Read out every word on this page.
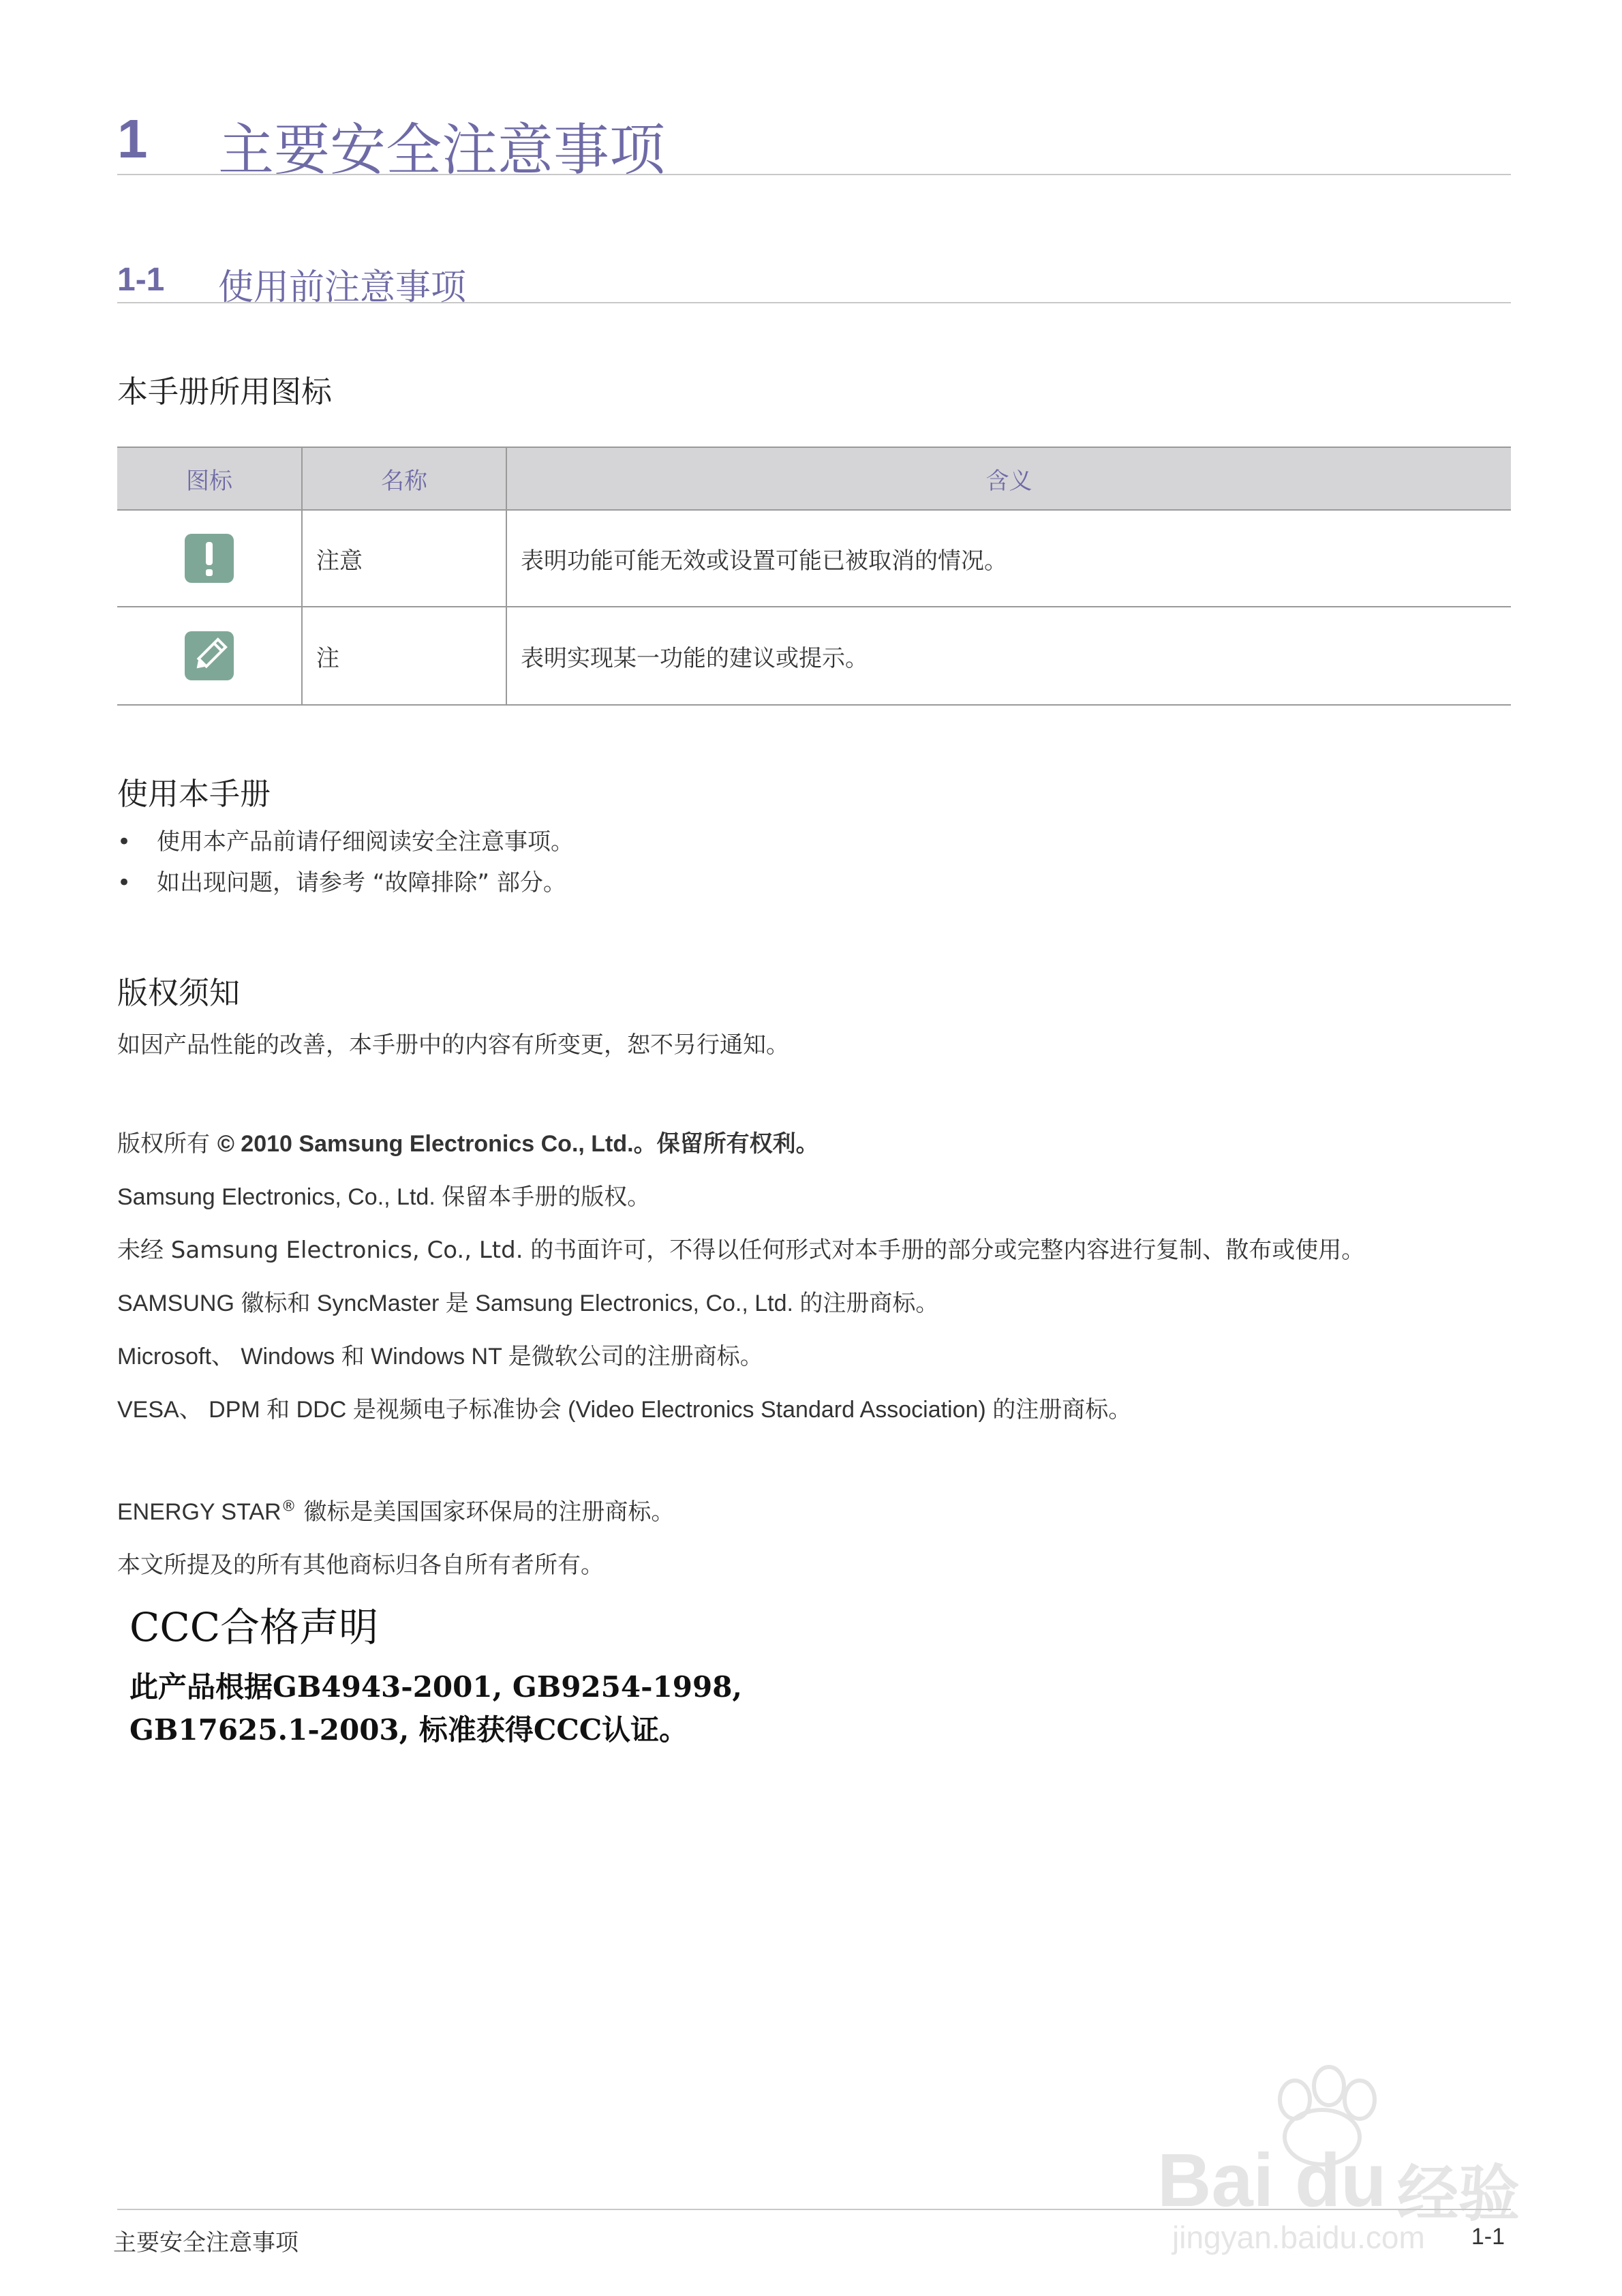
1 主要安全注意事项
1-1 使用前注意事项
本手册所用图标
图标	名称	含义

	注意	表明功能可能无效或设置可能已被取消的情况。

	注	表明实现某一功能的建议或提示。
使用本手册
• 使用本产品前请仔细阅读安全注意事项。
• 如出现问题，请参考 “故障排除” 部分。
版权须知
如因产品性能的改善，本手册中的内容有所变更，恕不另行通知。
版权所有 © 2010 Samsung Electronics Co., Ltd.。保留所有权利。
Samsung Electronics, Co., Ltd. 保留本手册的版权。
未经 Samsung Electronics, Co., Ltd. 的书面许可，不得以任何形式对本手册的部分或完整内容进行复制、散布或使用。
SAMSUNG 徽标和 SyncMaster 是 Samsung Electronics, Co., Ltd. 的注册商标。
Microsoft、 Windows 和 Windows NT 是微软公司的注册商标。
VESA、 DPM 和 DDC 是视频电子标准协会 (Video Electronics Standard Association) 的注册商标。
ENERGY STAR® 徽标是美国国家环保局的注册商标。
本文所提及的所有其他商标归各自所有者所有。
CCC合格声明
此产品根据GB4943-2001, GB9254-1998,
GB17625.1-2003, 标准获得CCC认证。
Bai du 经验
jingyan.baidu.com
主要安全注意事项	1-1
